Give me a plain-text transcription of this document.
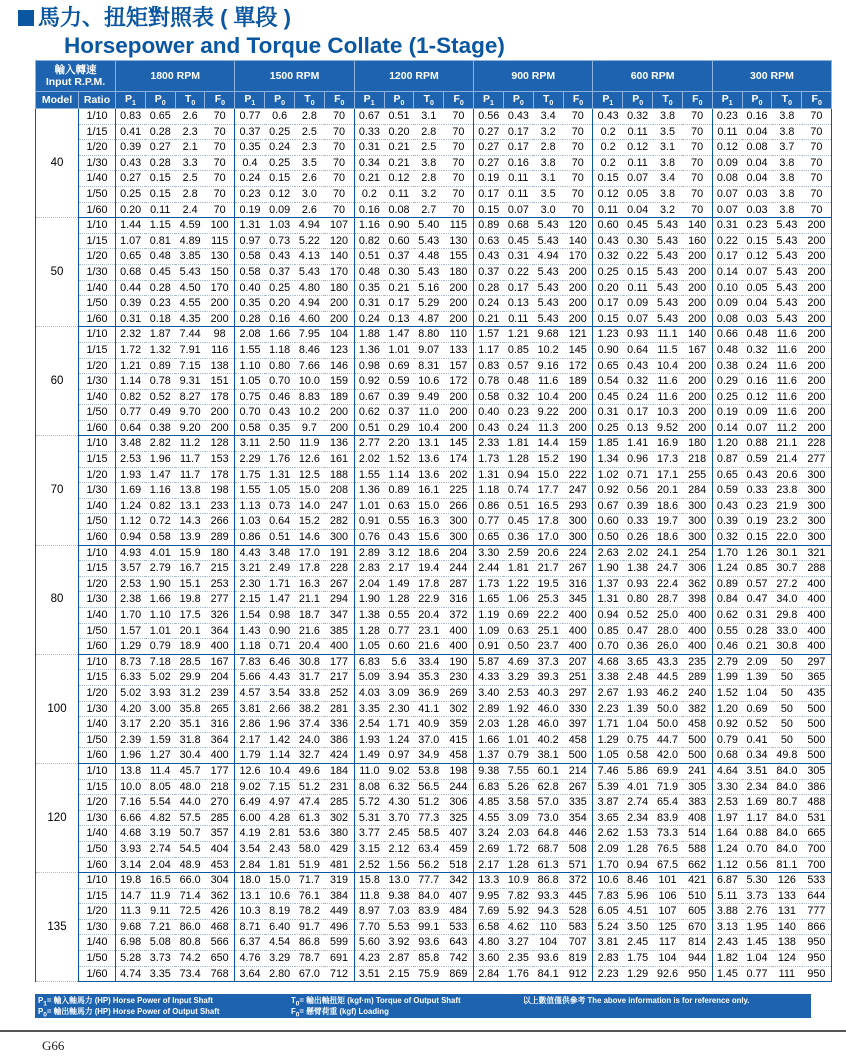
馬力、扭矩對照表 ( 單段 )
Horsepower and Torque Collate (1-Stage)
輸入轉速
Input R.P.M.		1800 RPM				1500 RPM				1200 RPM				900 RPM				600 RPM				300 RPM			
Model	Ratio	$P_1$	$P_0$	$T_0$	$F_0$	$P_1$	$P_0$	$T_0$	$F_0$	$P_1$	$P_0$	$T_0$	$F_0$	$P_1$	$P_0$	$T_0$	$F_0$	$P_1$	$P_0$	$T_0$	$F_0$	$P_1$	$P_0$	$T_0$	$F_0$
40	1/10	0.83	0.65	2.6	70	0.77	0.6	2.8	70	0.67	0.51	3.1	70	0.56	0.43	3.4	70	0.43	0.32	3.8	70	0.23	0.16	3.8	70
	1/15	0.41	0.28	2.3	70	0.37	0.25	2.5	70	0.33	0.20	2.8	70	0.27	0.17	3.2	70	0.2	0.11	3.5	70	0.11	0.04	3.8	70
	1/20	0.39	0.27	2.1	70	0.35	0.24	2.3	70	0.31	0.21	2.5	70	0.27	0.17	2.8	70	0.2	0.12	3.1	70	0.12	0.08	3.7	70
	1/30	0.43	0.28	3.3	70	0.4	0.25	3.5	70	0.34	0.21	3.8	70	0.27	0.16	3.8	70	0.2	0.11	3.8	70	0.09	0.04	3.8	70
	1/40	0.27	0.15	2.5	70	0.24	0.15	2.6	70	0.21	0.12	2.8	70	0.19	0.11	3.1	70	0.15	0.07	3.4	70	0.08	0.04	3.8	70
	1/50	0.25	0.15	2.8	70	0.23	0.12	3.0	70	0.2	0.11	3.2	70	0.17	0.11	3.5	70	0.12	0.05	3.8	70	0.07	0.03	3.8	70
	1/60	0.20	0.11	2.4	70	0.19	0.09	2.6	70	0.16	0.08	2.7	70	0.15	0.07	3.0	70	0.11	0.04	3.2	70	0.07	0.03	3.8	70
50	1/10	1.44	1.15	4.59	100	1.31	1.03	4.94	107	1.16	0.90	5.40	115	0.89	0.68	5.43	120	0.60	0.45	5.43	140	0.31	0.23	5.43	200
	1/15	1.07	0.81	4.89	115	0.97	0.73	5.22	120	0.82	0.60	5.43	130	0.63	0.45	5.43	140	0.43	0.30	5.43	160	0.22	0.15	5.43	200
	1/20	0.65	0.48	3.85	130	0.58	0.43	4.13	140	0.51	0.37	4.48	155	0.43	0.31	4.94	170	0.32	0.22	5.43	200	0.17	0.12	5.43	200
	1/30	0.68	0.45	5.43	150	0.58	0.37	5.43	170	0.48	0.30	5.43	180	0.37	0.22	5.43	200	0.25	0.15	5.43	200	0.14	0.07	5.43	200
	1/40	0.44	0.28	4.50	170	0.40	0.25	4.80	180	0.35	0.21	5.16	200	0.28	0.17	5.43	200	0.20	0.11	5.43	200	0.10	0.05	5.43	200
	1/50	0.39	0.23	4.55	200	0.35	0.20	4.94	200	0.31	0.17	5.29	200	0.24	0.13	5.43	200	0.17	0.09	5.43	200	0.09	0.04	5.43	200
	1/60	0.31	0.18	4.35	200	0.28	0.16	4.60	200	0.24	0.13	4.87	200	0.21	0.11	5.43	200	0.15	0.07	5.43	200	0.08	0.03	5.43	200
60	1/10	2.32	1.87	7.44	98	2.08	1.66	7.95	104	1.88	1.47	8.80	110	1.57	1.21	9.68	121	1.23	0.93	11.1	140	0.66	0.48	11.6	200
	1/15	1.72	1.32	7.91	116	1.55	1.18	8.46	123	1.36	1.01	9.07	133	1.17	0.85	10.2	145	0.90	0.64	11.5	167	0.48	0.32	11.6	200
	1/20	1.21	0.89	7.15	138	1.10	0.80	7.66	146	0.98	0.69	8.31	157	0.83	0.57	9.16	172	0.65	0.43	10.4	200	0.38	0.24	11.6	200
	1/30	1.14	0.78	9.31	151	1.05	0.70	10.0	159	0.92	0.59	10.6	172	0.78	0.48	11.6	189	0.54	0.32	11.6	200	0.29	0.16	11.6	200
	1/40	0.82	0.52	8.27	178	0.75	0.46	8.83	189	0.67	0.39	9.49	200	0.58	0.32	10.4	200	0.45	0.24	11.6	200	0.25	0.12	11.6	200
	1/50	0.77	0.49	9.70	200	0.70	0.43	10.2	200	0.62	0.37	11.0	200	0.40	0.23	9.22	200	0.31	0.17	10.3	200	0.19	0.09	11.6	200
	1/60	0.64	0.38	9.20	200	0.58	0.35	9.7	200	0.51	0.29	10.4	200	0.43	0.24	11.3	200	0.25	0.13	9.52	200	0.14	0.07	11.2	200
70	1/10	3.48	2.82	11.2	128	3.11	2.50	11.9	136	2.77	2.20	13.1	145	2.33	1.81	14.4	159	1.85	1.41	16.9	180	1.20	0.88	21.1	228
	1/15	2.53	1.96	11.7	153	2.29	1.76	12.6	161	2.02	1.52	13.6	174	1.73	1.28	15.2	190	1.34	0.96	17.3	218	0.87	0.59	21.4	277
	1/20	1.93	1.47	11.7	178	1.75	1.31	12.5	188	1.55	1.14	13.6	202	1.31	0.94	15.0	222	1.02	0.71	17.1	255	0.65	0.43	20.6	300
	1/30	1.69	1.16	13.8	198	1.55	1.05	15.0	208	1.36	0.89	16.1	225	1.18	0.74	17.7	247	0.92	0.56	20.1	284	0.59	0.33	23.8	300
	1/40	1.24	0.82	13.1	233	1.13	0.73	14.0	247	1.01	0.63	15.0	266	0.86	0.51	16.5	293	0.67	0.39	18.6	300	0.43	0.23	21.9	300
	1/50	1.12	0.72	14.3	266	1.03	0.64	15.2	282	0.91	0.55	16.3	300	0.77	0.45	17.8	300	0.60	0.33	19.7	300	0.39	0.19	23.2	300
	1/60	0.94	0.58	13.9	289	0.86	0.51	14.6	300	0.76	0.43	15.6	300	0.65	0.36	17.0	300	0.50	0.26	18.6	300	0.32	0.15	22.0	300
80	1/10	4.93	4.01	15.9	180	4.43	3.48	17.0	191	2.89	3.12	18.6	204	3.30	2.59	20.6	224	2.63	2.02	24.1	254	1.70	1.26	30.1	321
	1/15	3.57	2.79	16.7	215	3.21	2.49	17.8	228	2.83	2.17	19.4	244	2.44	1.81	21.7	267	1.90	1.38	24.7	306	1.24	0.85	30.7	288
	1/20	2.53	1.90	15.1	253	2.30	1.71	16.3	267	2.04	1.49	17.8	287	1.73	1.22	19.5	316	1.37	0.93	22.4	362	0.89	0.57	27.2	400
	1/30	2.38	1.66	19.8	277	2.15	1.47	21.1	294	1.90	1.28	22.9	316	1.65	1.06	25.3	345	1.31	0.80	28.7	398	0.84	0.47	34.0	400
	1/40	1.70	1.10	17.5	326	1.54	0.98	18.7	347	1.38	0.55	20.4	372	1.19	0.69	22.2	400	0.94	0.52	25.0	400	0.62	0.31	29.8	400
	1/50	1.57	1.01	20.1	364	1.43	0.90	21.6	385	1.28	0.77	23.1	400	1.09	0.63	25.1	400	0.85	0.47	28.0	400	0.55	0.28	33.0	400
	1/60	1.29	0.79	18.9	400	1.18	0.71	20.4	400	1.05	0.60	21.6	400	0.91	0.50	23.7	400	0.70	0.36	26.0	400	0.46	0.21	30.8	400
100	1/10	8.73	7.18	28.5	167	7.83	6.46	30.8	177	6.83	5.6	33.4	190	5.87	4.69	37.3	207	4.68	3.65	43.3	235	2.79	2.09	50	297
	1/15	6.33	5.02	29.9	204	5.66	4.43	31.7	217	5.09	3.94	35.3	230	4.33	3.29	39.3	251	3.38	2.48	44.5	289	1.99	1.39	50	365
	1/20	5.02	3.93	31.2	239	4.57	3.54	33.8	252	4.03	3.09	36.9	269	3.40	2.53	40.3	297	2.67	1.93	46.2	240	1.52	1.04	50	435
	1/30	4.20	3.00	35.8	265	3.81	2.66	38.2	281	3.35	2.30	41.1	302	2.89	1.92	46.0	330	2.23	1.39	50.0	382	1.20	0.69	50	500
	1/40	3.17	2.20	35.1	316	2.86	1.96	37.4	336	2.54	1.71	40.9	359	2.03	1.28	46.0	397	1.71	1.04	50.0	458	0.92	0.52	50	500
	1/50	2.39	1.59	31.8	364	2.17	1.42	24.0	386	1.93	1.24	37.0	415	1.66	1.01	40.2	458	1.29	0.75	44.7	500	0.79	0.41	50	500
	1/60	1.96	1.27	30.4	400	1.79	1.14	32.7	424	1.49	0.97	34.9	458	1.37	0.79	38.1	500	1.05	0.58	42.0	500	0.68	0.34	49.8	500
120	1/10	13.8	11.4	45.7	177	12.6	10.4	49.6	184	11.0	9.02	53.8	198	9.38	7.55	60.1	214	7.46	5.86	69.9	241	4.64	3.51	84.0	305
	1/15	10.0	8.05	48.0	218	9.02	7.15	51.2	231	8.08	6.32	56.5	244	6.83	5.26	62.8	267	5.39	4.01	71.9	305	3.30	2.34	84.0	386
	1/20	7.16	5.54	44.0	270	6.49	4.97	47.4	285	5.72	4.30	51.2	306	4.85	3.58	57.0	335	3.87	2.74	65.4	383	2.53	1.69	80.7	488
	1/30	6.66	4.82	57.5	285	6.00	4.28	61.3	302	5.31	3.70	77.3	325	4.55	3.09	73.0	354	3.65	2.34	83.9	408	1.97	1.17	84.0	531
	1/40	4.68	3.19	50.7	357	4.19	2.81	53.6	380	3.77	2.45	58.5	407	3.24	2.03	64.8	446	2.62	1.53	73.3	514	1.64	0.88	84.0	665
	1/50	3.93	2.74	54.5	404	3.54	2.43	58.0	429	3.15	2.12	63.4	459	2.69	1.72	68.7	508	2.09	1.28	76.5	588	1.24	0.70	84.0	700
	1/60	3.14	2.04	48.9	453	2.84	1.81	51.9	481	2.52	1.56	56.2	518	2.17	1.28	61.3	571	1.70	0.94	67.5	662	1.12	0.56	81.1	700
135	1/10	19.8	16.5	66.0	304	18.0	15.0	71.7	319	15.8	13.0	77.7	342	13.3	10.9	86.8	372	10.6	8.46	101	421	6.87	5.30	126	533
	1/15	14.7	11.9	71.4	362	13.1	10.6	76.1	384	11.8	9.38	84.0	407	9.95	7.82	93.3	445	7.83	5.96	106	510	5.11	3.73	133	644
	1/20	11.3	9.11	72.5	426	10.3	8.19	78.2	449	8.97	7.03	83.9	484	7.69	5.92	94.3	528	6.05	4.51	107	605	3.88	2.76	131	777
	1/30	9.68	7.21	86.0	468	8.71	6.40	91.7	496	7.70	5.53	99.1	533	6.58	4.62	110	583	5.24	3.50	125	670	3.13	1.95	140	866
	1/40	6.98	5.08	80.8	566	6.37	4.54	86.8	599	5.60	3.92	93.6	643	4.80	3.27	104	707	3.81	2.45	117	814	2.43	1.45	138	950
	1/50	5.28	3.73	74.2	650	4.76	3.29	78.7	691	4.23	2.87	85.8	742	3.60	2.35	93.6	819	2.83	1.75	104	944	1.82	1.04	124	950
	1/60	4.74	3.35	73.4	768	3.64	2.80	67.0	712	3.51	2.15	75.9	869	2.84	1.76	84.1	912	2.23	1.29	92.6	950	1.45	0.77	111	950
$P_1=$ 輸入軸馬力 (HP) Horse Power of Input Shaft
$P_0=$ 輸出軸馬力 (HP) Horse Power of Output Shaft
$T_0=$ 輸出軸扭矩 (kgf·m) Torque of Output Shaft
$F_0=$ 懸臂荷重 (kgf) Loading
以上數值僅供參考 The above information is for reference only.
G66
